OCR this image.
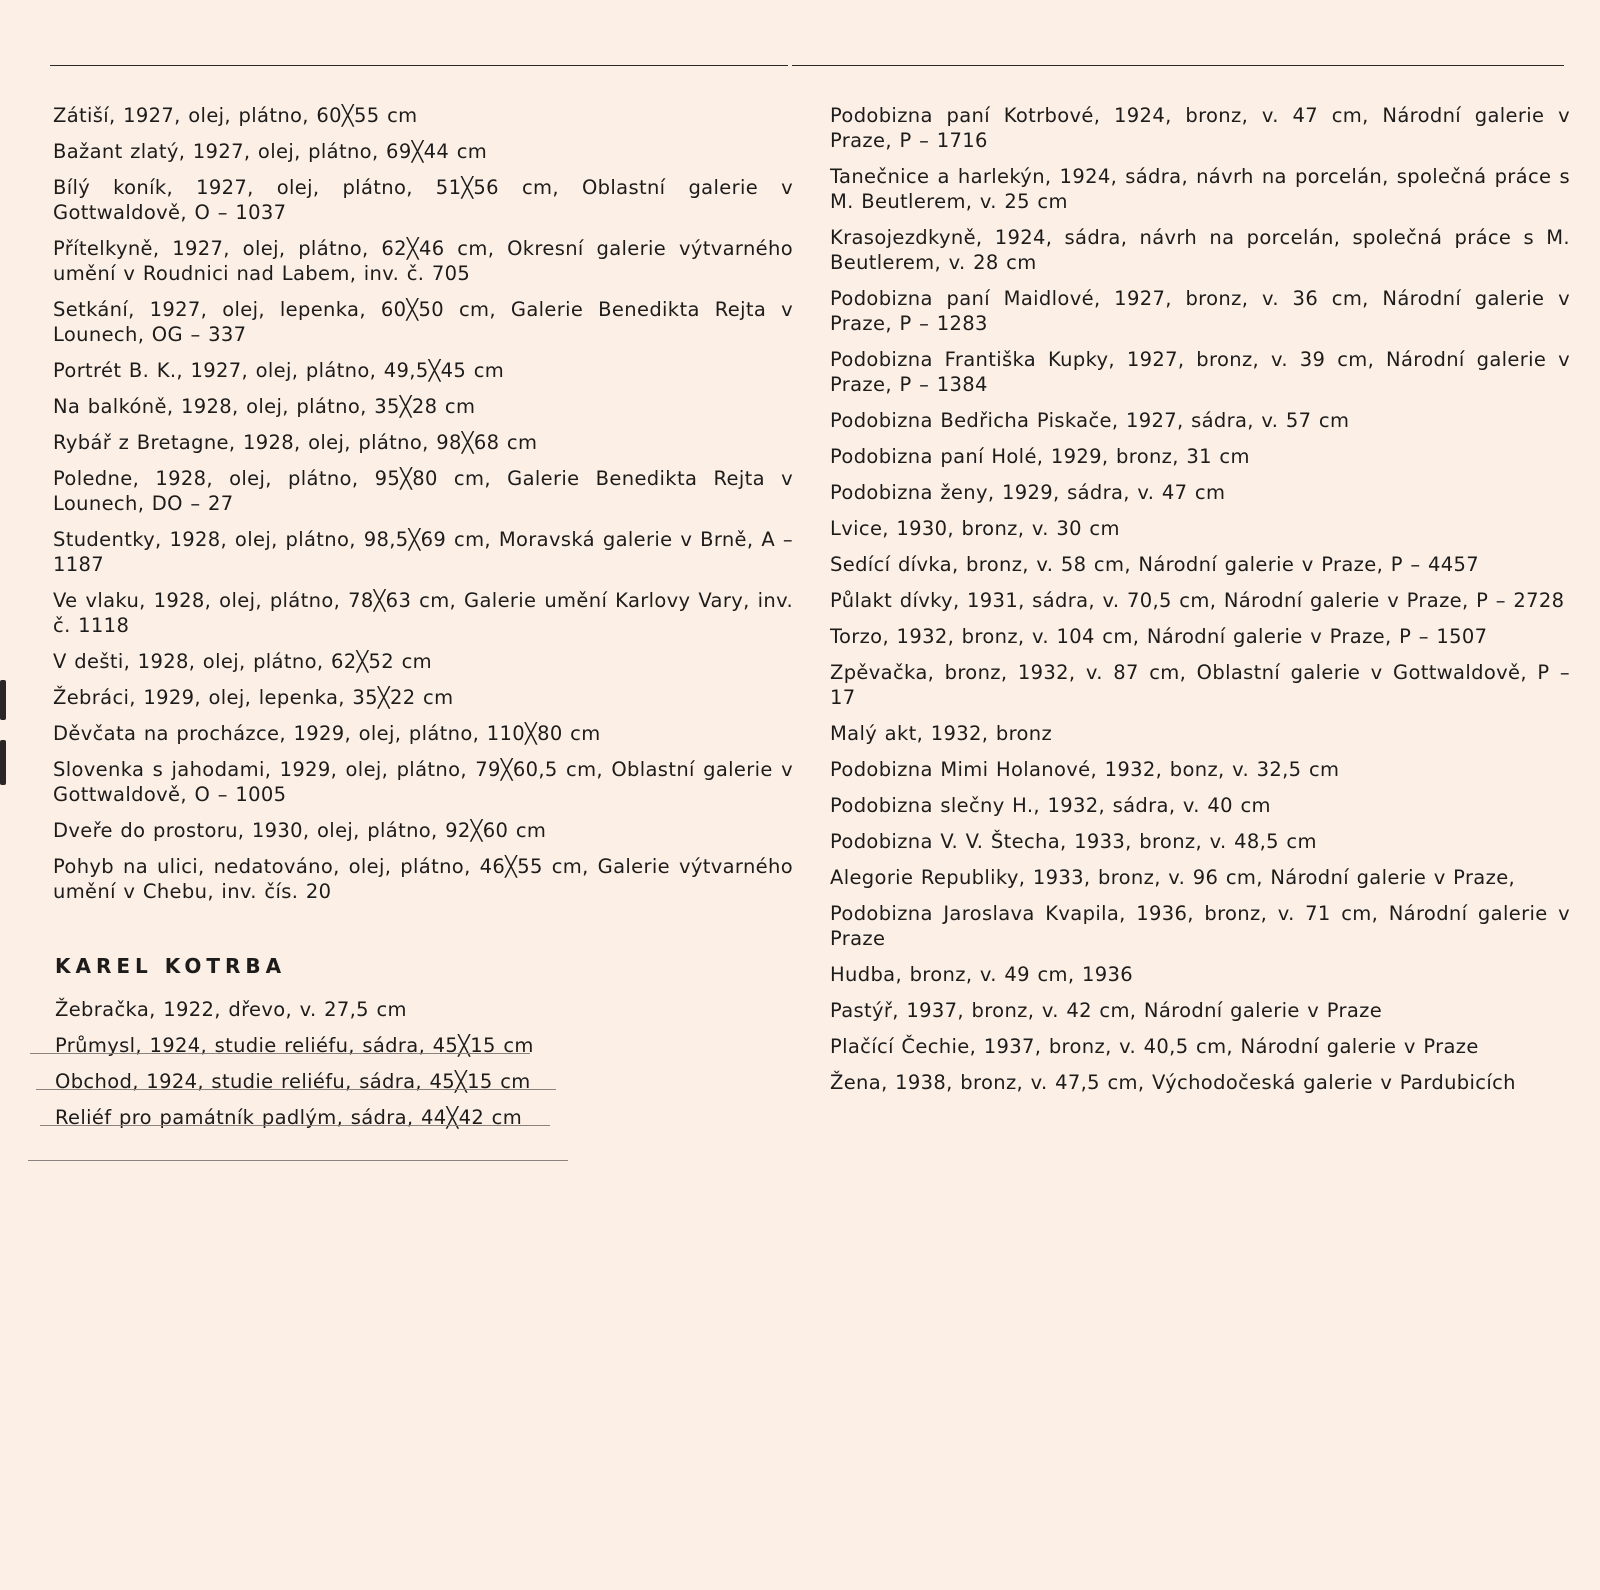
Zátiší, 1927, olej, plátno, 60╳55 cm

Bažant zlatý, 1927, olej, plátno, 69╳44 cm

Bílý koník, 1927, olej, plátno, 51╳56 cm, Oblastní galerie v Gottwaldově, O – 1037

Přítelkyně, 1927, olej, plátno, 62╳46 cm, Okresní galerie výtvarného umění v Roudnici nad Labem, inv. č. 705

Setkání, 1927, olej, lepenka, 60╳50 cm, Galerie Benedikta Rejta v Lounech, OG – 337

Portrét B. K., 1927, olej, plátno, 49,5╳45 cm

Na balkóně, 1928, olej, plátno, 35╳28 cm

Rybář z Bretagne, 1928, olej, plátno, 98╳68 cm

Poledne, 1928, olej, plátno, 95╳80 cm, Galerie Benedikta Rejta v Lounech, DO – 27

Studentky, 1928, olej, plátno, 98,5╳69 cm, Moravská galerie v Brně, A – 1187

Ve vlaku, 1928, olej, plátno, 78╳63 cm, Galerie umění Karlovy Vary, inv. č. 1118

V dešti, 1928, olej, plátno, 62╳52 cm

Žebráci, 1929, olej, lepenka, 35╳22 cm

Děvčata na procházce, 1929, olej, plátno, 110╳80 cm

Slovenka s jahodami, 1929, olej, plátno, 79╳60,5 cm, Oblastní galerie v Gottwaldově, O – 1005

Dveře do prostoru, 1930, olej, plátno, 92╳60 cm

Pohyb na ulici, nedatováno, olej, plátno, 46╳55 cm, Galerie výtvarného umění v Chebu, inv. čís. 20

KAREL KOTRBA

Žebračka, 1922, dřevo, v. 27,5 cm

Průmysl, 1924, studie reliéfu, sádra, 45╳15 cm

Obchod, 1924, studie reliéfu, sádra, 45╳15 cm

Reliéf pro památník padlým, sádra, 44╳42 cm

Podobizna paní Kotrbové, 1924, bronz, v. 47 cm, Národní galerie v Praze, P – 1716

Tanečnice a harlekýn, 1924, sádra, návrh na porcelán, společná práce s M. Beutlerem, v. 25 cm

Krasojezdkyně, 1924, sádra, návrh na porcelán, společná práce s M. Beutlerem, v. 28 cm

Podobizna paní Maidlové, 1927, bronz, v. 36 cm, Národní galerie v Praze, P – 1283

Podobizna Františka Kupky, 1927, bronz, v. 39 cm, Národní galerie v Praze, P – 1384

Podobizna Bedřicha Piskače, 1927, sádra, v. 57 cm

Podobizna paní Holé, 1929, bronz, 31 cm

Podobizna ženy, 1929, sádra, v. 47 cm

Lvice, 1930, bronz, v. 30 cm

Sedící dívka, bronz, v. 58 cm, Národní galerie v Praze, P – 4457

Půlakt dívky, 1931, sádra, v. 70,5 cm, Národní galerie v Praze, P – 2728

Torzo, 1932, bronz, v. 104 cm, Národní galerie v Praze, P – 1507

Zpěvačka, bronz, 1932, v. 87 cm, Oblastní galerie v Gottwaldově, P – 17

Malý akt, 1932, bronz

Podobizna Mimi Holanové, 1932, bonz, v. 32,5 cm

Podobizna slečny H., 1932, sádra, v. 40 cm

Podobizna V. V. Štecha, 1933, bronz, v. 48,5 cm

Alegorie Republiky, 1933, bronz, v. 96 cm, Národní galerie v Praze,

Podobizna Jaroslava Kvapila, 1936, bronz, v. 71 cm, Národní galerie v Praze

Hudba, bronz, v. 49 cm, 1936

Pastýř, 1937, bronz, v. 42 cm, Národní galerie v Praze

Plačící Čechie, 1937, bronz, v. 40,5 cm, Národní galerie v Praze

Žena, 1938, bronz, v. 47,5 cm, Východočeská galerie v Pardubicích
